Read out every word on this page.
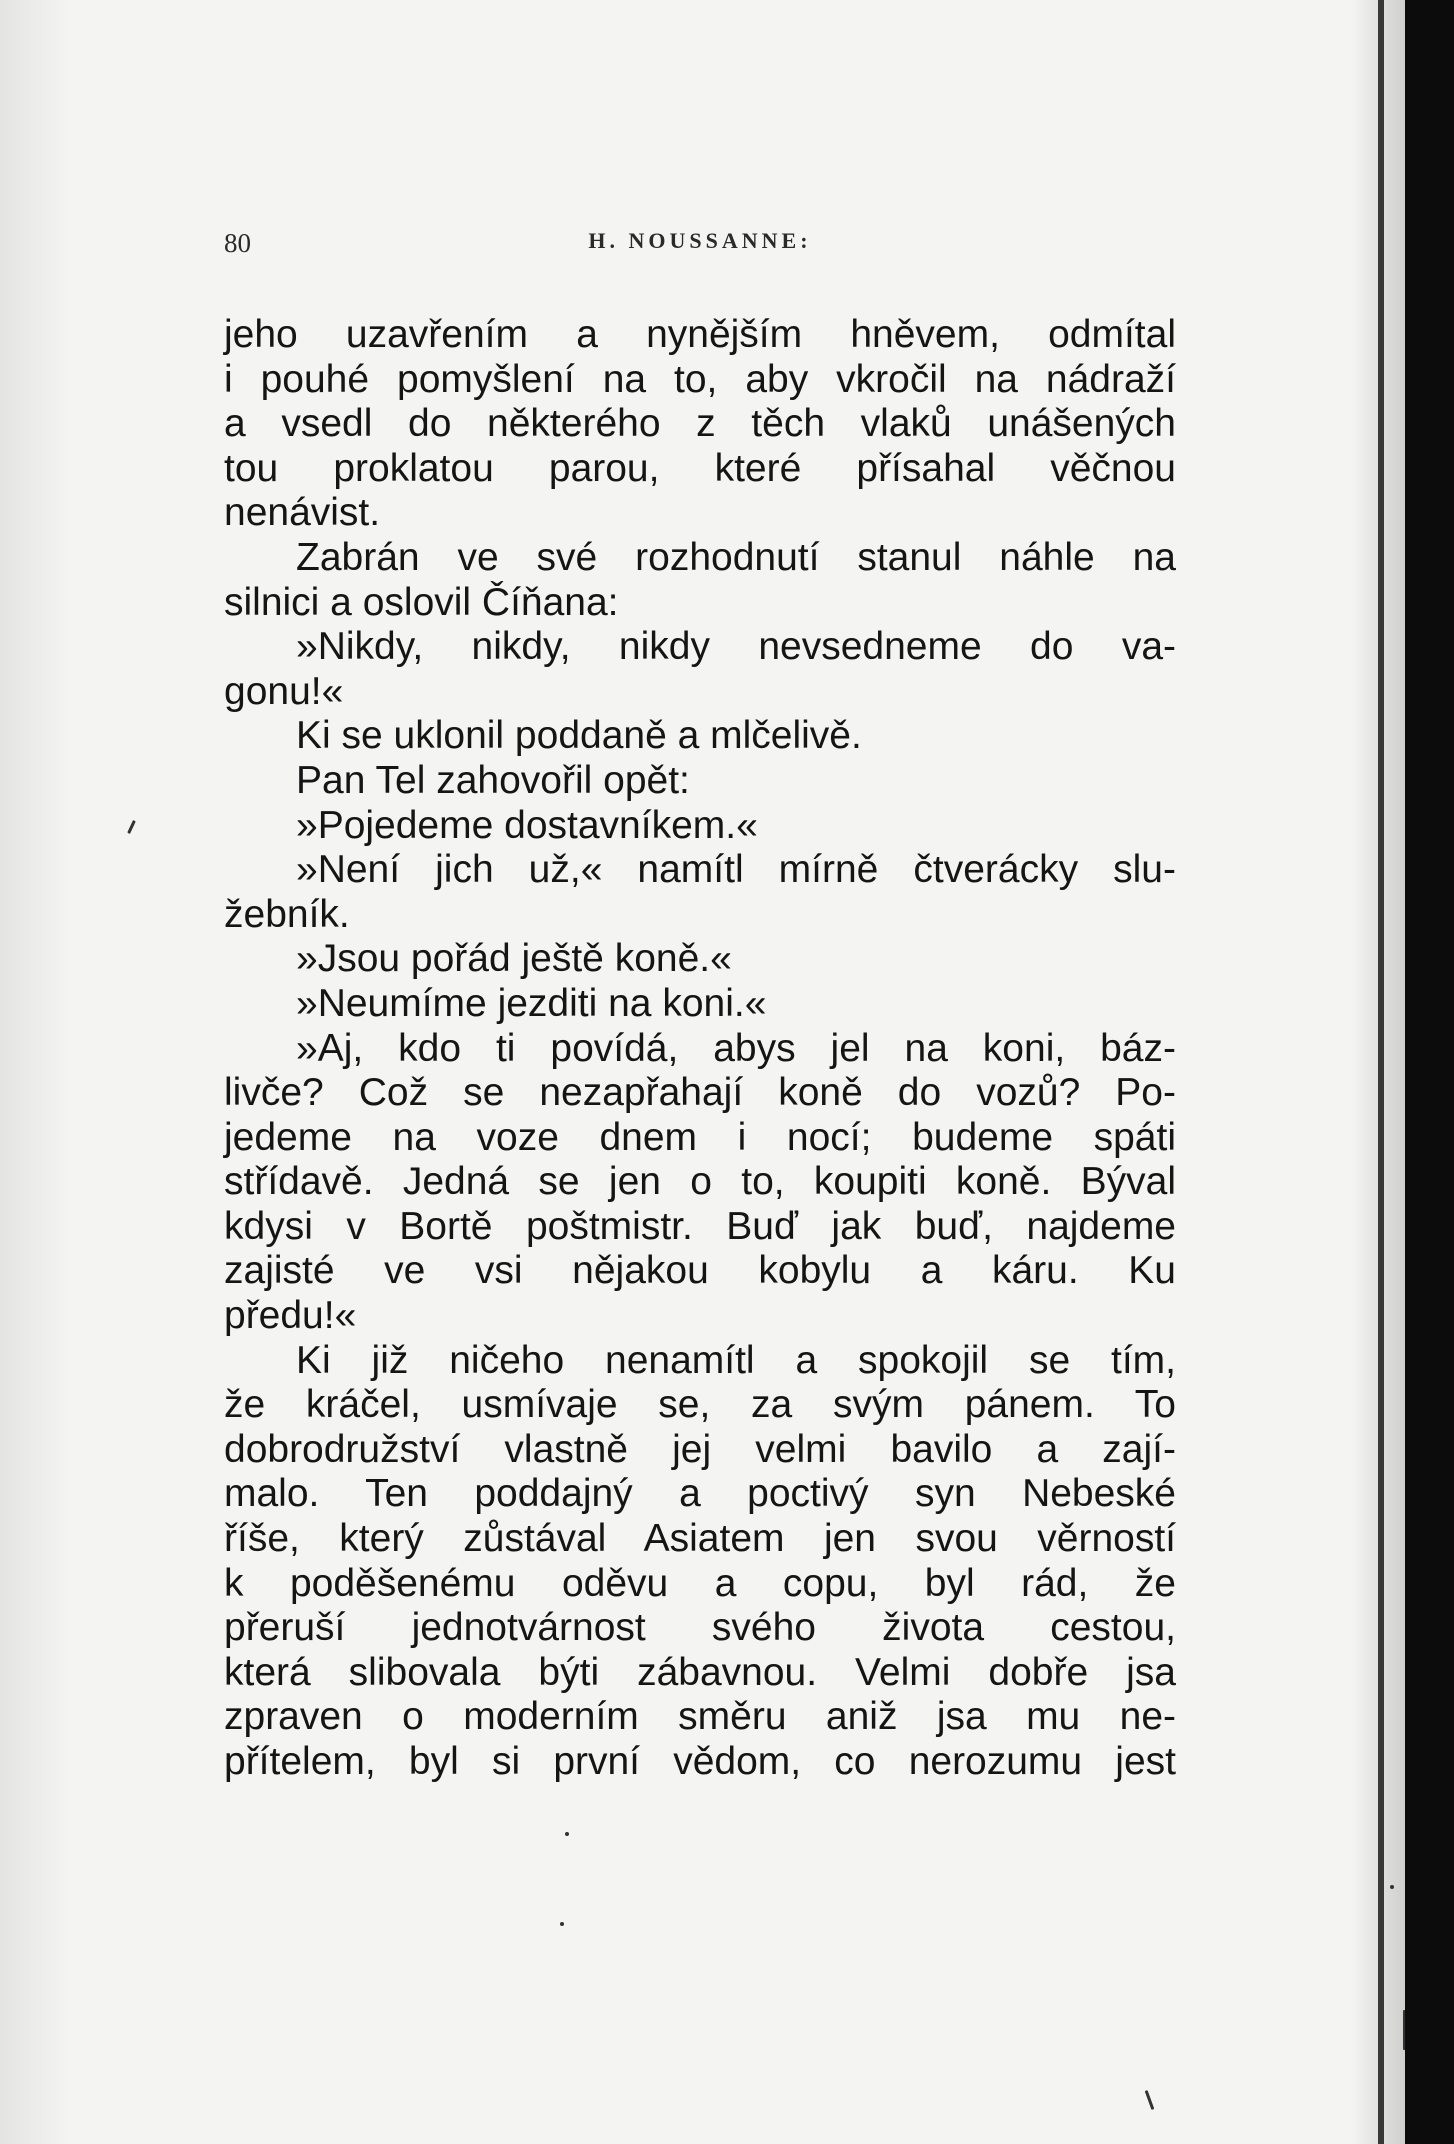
80	H. NOUSSANNE:
jeho uzavřením a nynějším hněvem, odmítal
i pouhé pomyšlení na to, aby vkročil na nádraží
a vsedl do některého z těch vlaků unášených
tou proklatou parou, které přísahal věčnou
nenávist.
Zabrán ve své rozhodnutí stanul náhle na
silnici a oslovil Číňana:
»Nikdy, nikdy, nikdy nevsedneme do va-
gonu!«
Ki se uklonil poddaně a mlčelivě.
Pan Tel zahovořil opět:
»Pojedeme dostavníkem.«
»Není jich už,« namítl mírně čtverácky slu-
žebník.
»Jsou pořád ještě koně.«
»Neumíme jezditi na koni.«
»Aj, kdo ti povídá, abys jel na koni, báz-
livče? Což se nezapřahají koně do vozů? Po-
jedeme na voze dnem i nocí; budeme spáti
střídavě. Jedná se jen o to, koupiti koně. Býval
kdysi v Bortě poštmistr. Buď jak buď, najdeme
zajisté ve vsi nějakou kobylu a káru. Ku
předu!«
Ki již ničeho nenamítl a spokojil se tím,
že kráčel, usmívaje se, za svým pánem. To
dobrodružství vlastně jej velmi bavilo a zají-
malo. Ten poddajný a poctivý syn Nebeské
říše, který zůstával Asiatem jen svou věrností
k poděšenému oděvu a copu, byl rád, že
přeruší jednotvárnost svého života cestou,
která slibovala býti zábavnou. Velmi dobře jsa
zpraven o moderním směru aniž jsa mu ne-
přítelem, byl si první vědom, co nerozumu jest
